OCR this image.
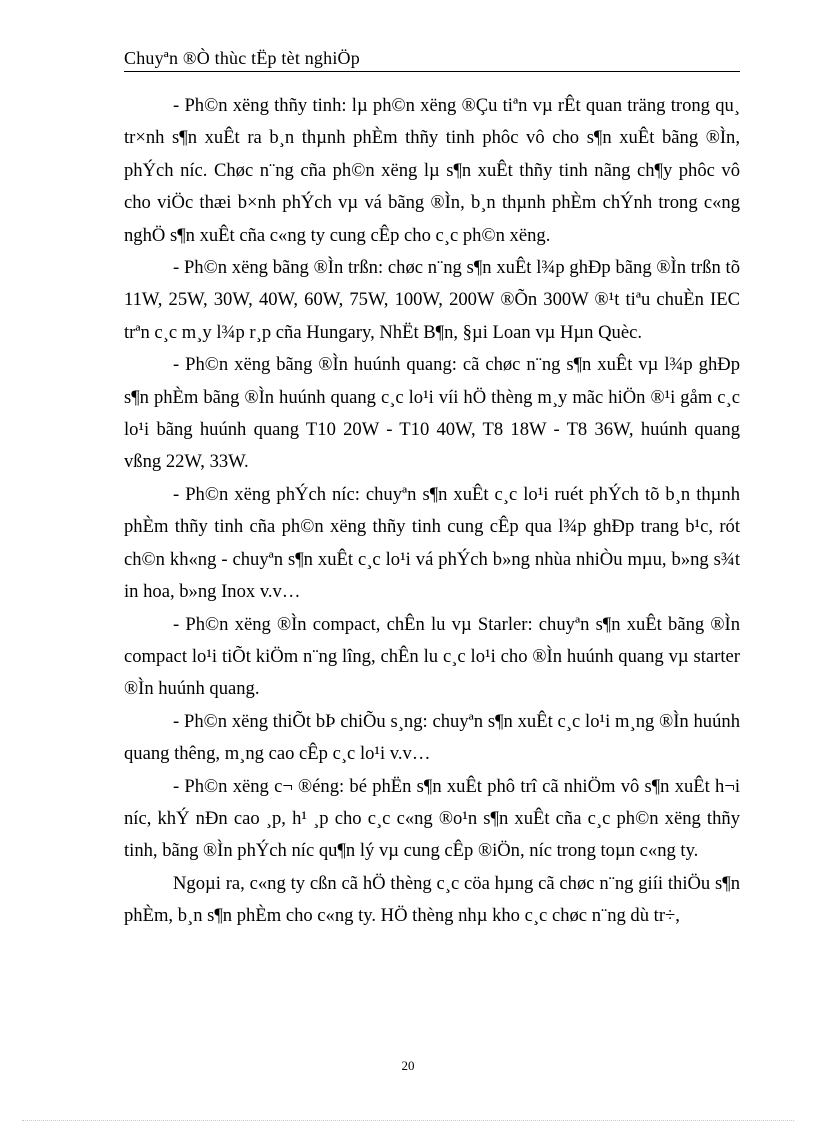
Chuyªn ®Ò thùc tËp tèt nghiÖp

- Ph©n xëng thñy tinh: lµ ph©n xëng ®Çu tiªn vµ rÊt quan träng trong qu¸ tr×nh s¶n xuÊt ra b¸n thµnh phÈm thñy tinh phôc vô cho s¶n xuÊt bãng ®Ìn, phÝch níc. Chøc n¨ng cña ph©n xëng lµ s¶n xuÊt thñy tinh nãng ch¶y phôc vô cho viÖc thæi b×nh phÝch vµ vá bãng ®Ìn, b¸n thµnh phÈm chÝnh trong c«ng nghÖ s¶n xuÊt cña c«ng ty cung cÊp cho c¸c ph©n xëng.

- Ph©n xëng bãng ®Ìn trßn: chøc n¨ng s¶n xuÊt l¾p ghÐp bãng ®Ìn trßn tõ 11W, 25W, 30W, 40W, 60W, 75W, 100W, 200W ®Õn 300W ®¹t tiªu chuÈn IEC trªn c¸c m¸y l¾p r¸p cña Hungary, NhËt B¶n, §µi Loan vµ Hµn Quèc.

- Ph©n xëng bãng ®Ìn huúnh quang: cã chøc n¨ng s¶n xuÊt vµ l¾p ghÐp s¶n phÈm bãng ®Ìn huúnh quang c¸c lo¹i víi hÖ thèng m¸y mãc hiÖn ®¹i gåm c¸c lo¹i bãng huúnh quang T10 20W - T10 40W, T8 18W - T8 36W, huúnh quang vßng 22W, 33W.

- Ph©n xëng phÝch níc: chuyªn s¶n xuÊt c¸c lo¹i ruét phÝch tõ b¸n thµnh phÈm thñy tinh cña ph©n xëng thñy tinh cung cÊp qua l¾p ghÐp trang b¹c, rót ch©n kh«ng - chuyªn s¶n xuÊt c¸c lo¹i vá phÝch b»ng nhùa nhiÒu mµu, b»ng s¾t in hoa, b»ng Inox v.v…

- Ph©n xëng ®Ìn compact, chÊn lu vµ Starler: chuyªn s¶n xuÊt bãng ®Ìn compact lo¹i tiÕt kiÖm n¨ng lîng, chÊn lu c¸c lo¹i cho ®Ìn huúnh quang vµ starter ®Ìn huúnh quang.

- Ph©n xëng thiÕt bÞ chiÕu s¸ng: chuyªn s¶n xuÊt c¸c lo¹i m¸ng ®Ìn huúnh quang thêng, m¸ng cao cÊp c¸c lo¹i v.v…

- Ph©n xëng c¬ ®éng: bé phËn s¶n xuÊt phô trî cã nhiÖm vô s¶n xuÊt h¬i níc, khÝ nÐn cao ¸p, h¹ ¸p cho c¸c c«ng ®o¹n s¶n xuÊt cña c¸c ph©n xëng thñy tinh, bãng ®Ìn phÝch níc qu¶n lý vµ cung cÊp ®iÖn, níc trong toµn c«ng ty.

Ngoµi ra, c«ng ty cßn cã hÖ thèng c¸c cöa hµng cã chøc n¨ng giíi thiÖu s¶n phÈm, b¸n s¶n phÈm cho c«ng ty. HÖ thèng nhµ kho c¸c chøc n¨ng dù tr÷,

20
